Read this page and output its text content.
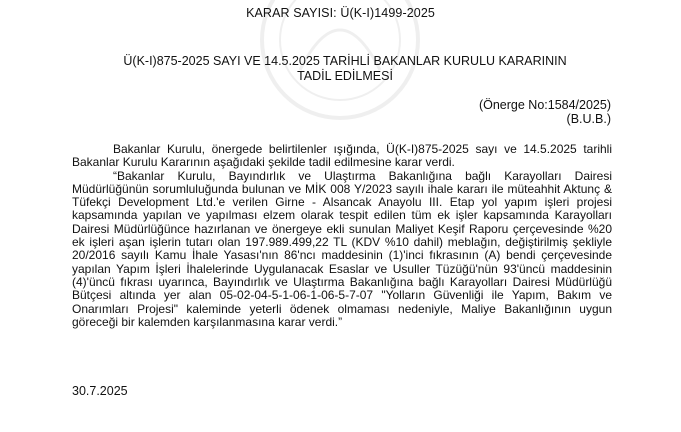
KARAR SAYISI: Ü(K-I)1499-2025
Ü(K-I)875-2025 SAYI VE 14.5.2025 TARİHLİ BAKANLAR KURULU KARARININ
TADİL EDİLMESİ
(Önerge No:1584/2025)
(B.U.B.)

Bakanlar Kurulu, önergede belirtilenler ışığında, Ü(K-I)875-2025 sayı ve 14.5.2025 tarihli Bakanlar Kurulu Kararının aşağıdaki şekilde tadil edilmesine karar verdi.

“Bakanlar Kurulu, Bayındırlık ve Ulaştırma Bakanlığına bağlı Karayolları Dairesi Müdürlüğünün sorumluluğunda bulunan ve MİK 008 Y/2023 sayılı ihale kararı ile müteahhit Aktunç & Tüfekçi Development Ltd.'e verilen Girne - Alsancak Anayolu III. Etap yol yapım işleri projesi kapsamında yapılan ve yapılması elzem olarak tespit edilen tüm ek işler kapsamında Karayolları Dairesi Müdürlüğünce hazırlanan ve önergeye ekli sunulan Maliyet Keşif Raporu çerçevesinde %20 ek işleri aşan işlerin tutarı olan 197.989.499,22 TL (KDV %10 dahil) meblağın, değiştirilmiş şekliyle 20/2016 sayılı Kamu İhale Yasası'nın 86'ncı maddesinin (1)'inci fıkrasının (A) bendi çerçevesinde yapılan Yapım İşleri İhalelerinde Uygulanacak Esaslar ve Usuller Tüzüğü'nün 93'üncü maddesinin (4)'üncü fıkrası uyarınca, Bayındırlık ve Ulaştırma Bakanlığına bağlı Karayolları Dairesi Müdürlüğü Bütçesi altında yer alan 05-02-04-5-1-06-1-06-5-7-07 "Yolların Güvenliği ile Yapım, Bakım ve Onarımları Projesi" kaleminde yeterli ödenek olmaması nedeniyle, Maliye Bakanlığının uygun göreceği bir kalemden karşılanmasına karar verdi.”

30.7.2025
